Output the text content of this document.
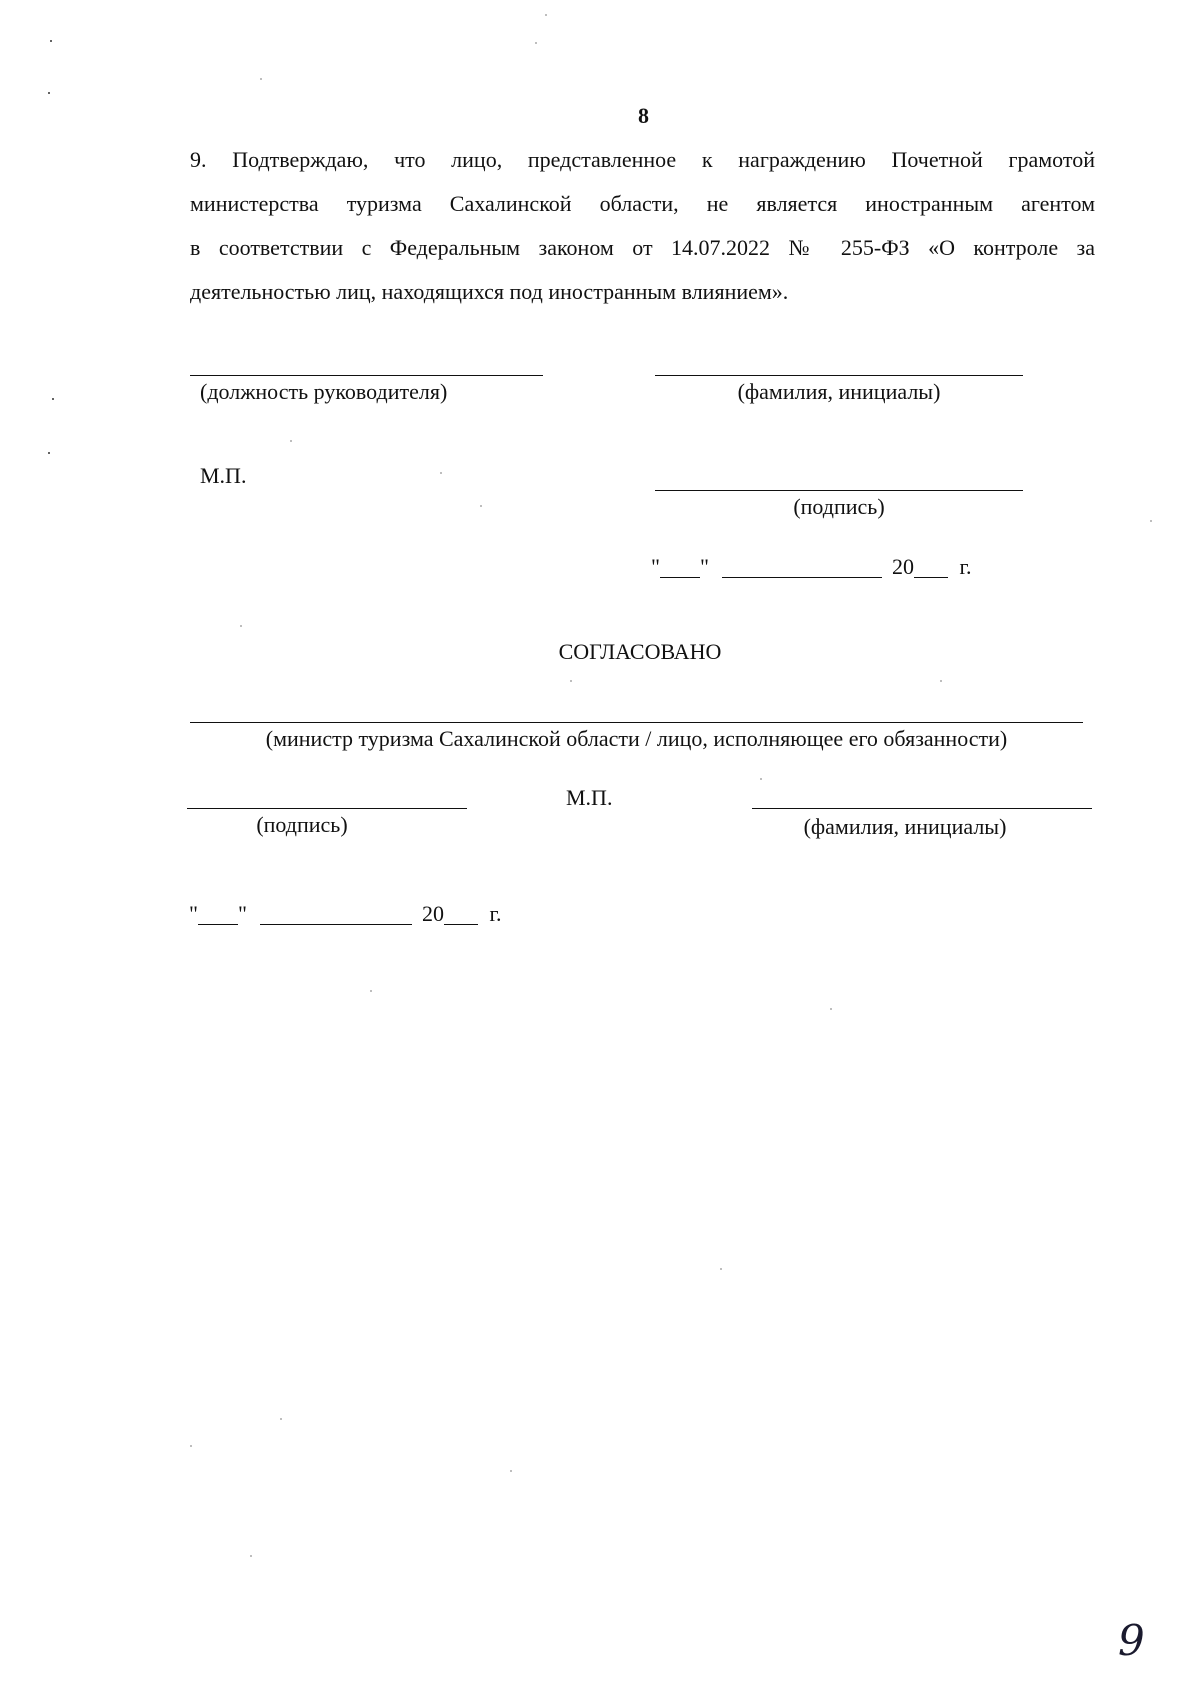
8
9. Подтверждаю, что лицо, представленное к награждению Почетной грамотой
министерства туризма Сахалинской области, не является иностранным агентом
в соответствии с Федеральным законом от 14.07.2022 № 255-ФЗ «О контроле за
деятельностью лиц, находящихся под иностранным влиянием».
(должность руководителя)	(фамилия, инициалы)
М.П.
(подпись)
" "	20 г.
СОГЛАСОВАНО
(министр туризма Сахалинской области / лицо, исполняющее его обязанности)
(подпись)
М.П.
(фамилия, инициалы)
" "	20 г.
9
